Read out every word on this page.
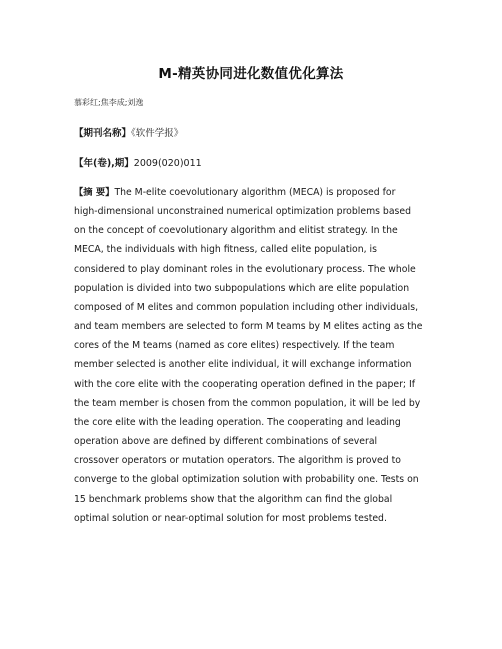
M-精英协同进化数值优化算法
慕彩红;焦李成;刘逸
【期刊名称】《软件学报》
【年(卷),期】2009(020)011
【摘 要】The M-elite coevolutionary algorithm (MECA) is proposed for
high-dimensional unconstrained numerical optimization problems based
on the concept of coevolutionary algorithm and elitist strategy. In the
MECA, the individuals with high fitness, called elite population, is
considered to play dominant roles in the evolutionary process. The whole
population is divided into two subpopulations which are elite population
composed of M elites and common population including other individuals,
and team members are selected to form M teams by M elites acting as the
cores of the M teams (named as core elites) respectively. If the team
member selected is another elite individual, it will exchange information
with the core elite with the cooperating operation defined in the paper; If
the team member is chosen from the common population, it will be led by
the core elite with the leading operation. The cooperating and leading
operation above are defined by different combinations of several
crossover operators or mutation operators. The algorithm is proved to
converge to the global optimization solution with probability one. Tests on
15 benchmark problems show that the algorithm can find the global
optimal solution or near-optimal solution for most problems tested.
